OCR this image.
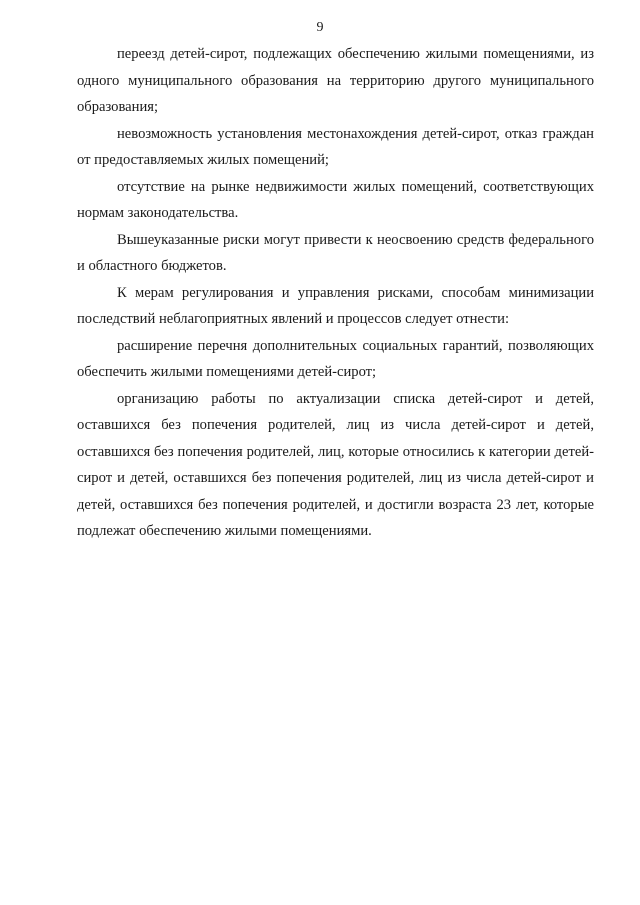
9

переезд детей-сирот, подлежащих обеспечению жилыми помещениями, из одного муниципального образования на территорию другого муниципального образования;

невозможность установления местонахождения детей-сирот, отказ граждан от предоставляемых жилых помещений;

отсутствие на рынке недвижимости жилых помещений, соответствующих нормам законодательства.

Вышеуказанные риски могут привести к неосвоению средств федерального и областного бюджетов.

К мерам регулирования и управления рисками, способам минимизации последствий неблагоприятных явлений и процессов следует отнести:

расширение перечня дополнительных социальных гарантий, позволяющих обеспечить жилыми помещениями детей-сирот;

организацию работы по актуализации списка детей-сирот и детей, оставшихся без попечения родителей, лиц из числа детей-сирот и детей, оставшихся без попечения родителей, лиц, которые относились к категории детей-сирот и детей, оставшихся без попечения родителей, лиц из числа детей-сирот и детей, оставшихся без попечения родителей, и достигли возраста 23 лет, которые подлежат обеспечению жилыми помещениями.
